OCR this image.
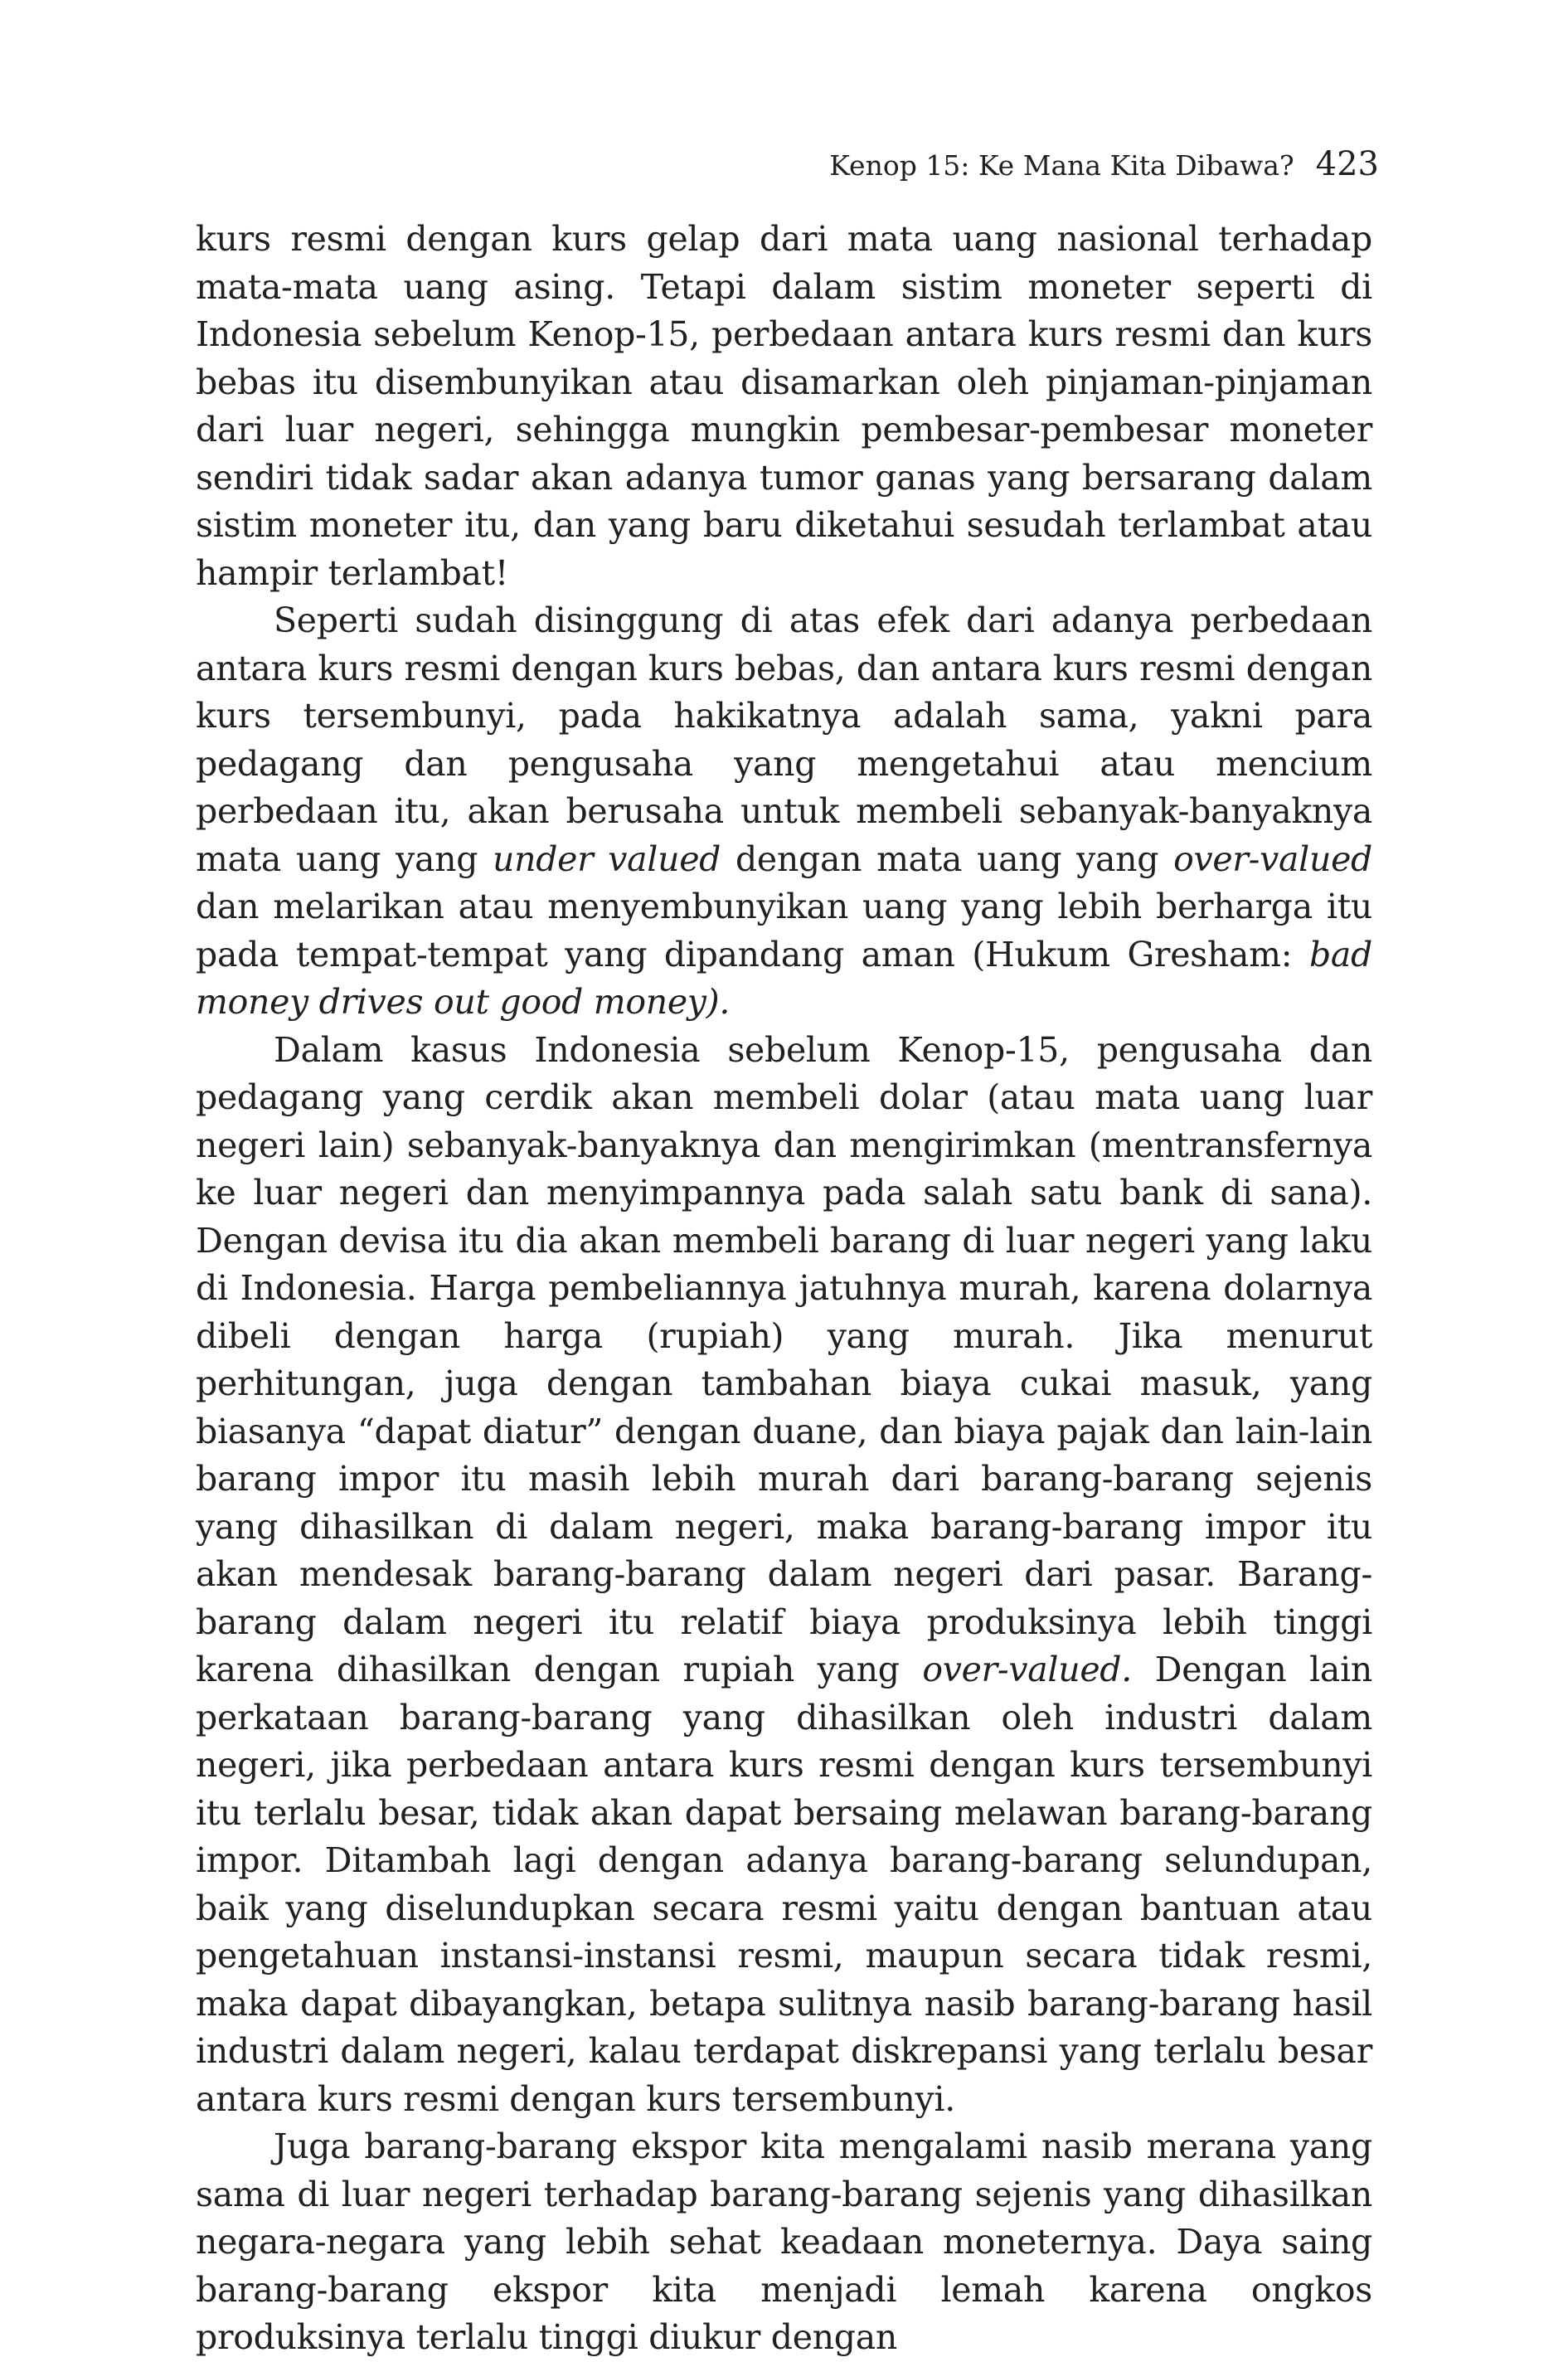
Kenop 15: Ke Mana Kita Dibawa? 423

kurs resmi dengan kurs gelap dari mata uang nasional terhadap mata-mata uang asing. Tetapi dalam sistim moneter seperti di Indonesia sebelum Kenop-15, perbedaan antara kurs resmi dan kurs bebas itu disembunyikan atau disamarkan oleh pinjaman-pinjaman dari luar negeri, sehingga mungkin pembesar-pembesar moneter sendiri tidak sadar akan adanya tumor ganas yang bersarang dalam sistim moneter itu, dan yang baru diketahui sesudah terlambat atau hampir terlambat!

Seperti sudah disinggung di atas efek dari adanya perbedaan antara kurs resmi dengan kurs bebas, dan antara kurs resmi dengan kurs tersembunyi, pada hakikatnya adalah sama, yakni para pedagang dan pengusaha yang mengetahui atau mencium perbedaan itu, akan berusaha untuk membeli sebanyak-banyaknya mata uang yang under valued dengan mata uang yang over-valued dan melarikan atau menyembunyikan uang yang lebih berharga itu pada tempat-tempat yang dipandang aman (Hukum Gresham: bad money drives out good money).

Dalam kasus Indonesia sebelum Kenop-15, pengusaha dan pedagang yang cerdik akan membeli dolar (atau mata uang luar negeri lain) sebanyak-banyaknya dan mengirimkan (mentransfernya ke luar negeri dan menyimpannya pada salah satu bank di sana). Dengan devisa itu dia akan membeli barang di luar negeri yang laku di Indonesia. Harga pembeliannya jatuhnya murah, karena dolarnya dibeli dengan harga (rupiah) yang murah. Jika menurut perhitungan, juga dengan tambahan biaya cukai masuk, yang biasanya “dapat diatur” dengan duane, dan biaya pajak dan lain-lain barang impor itu masih lebih murah dari barang-barang sejenis yang dihasilkan di dalam negeri, maka barang-barang impor itu akan mendesak barang-barang dalam negeri dari pasar. Barang-barang dalam negeri itu relatif biaya produksinya lebih tinggi karena dihasilkan dengan rupiah yang over-valued. Dengan lain perkataan barang-barang yang dihasilkan oleh industri dalam negeri, jika perbedaan antara kurs resmi dengan kurs tersembunyi itu terlalu besar, tidak akan dapat bersaing melawan barang-barang impor. Ditambah lagi dengan adanya barang-barang selundupan, baik yang diselundupkan secara resmi yaitu dengan bantuan atau pengetahuan instansi-instansi resmi, maupun secara tidak resmi, maka dapat dibayangkan, betapa sulitnya nasib barang-barang hasil industri dalam negeri, kalau terdapat diskrepansi yang terlalu besar antara kurs resmi dengan kurs tersembunyi.

Juga barang-barang ekspor kita mengalami nasib merana yang sama di luar negeri terhadap barang-barang sejenis yang dihasilkan negara-negara yang lebih sehat keadaan moneternya. Daya saing barang-barang ekspor kita menjadi lemah karena ongkos produksinya terlalu tinggi diukur dengan
